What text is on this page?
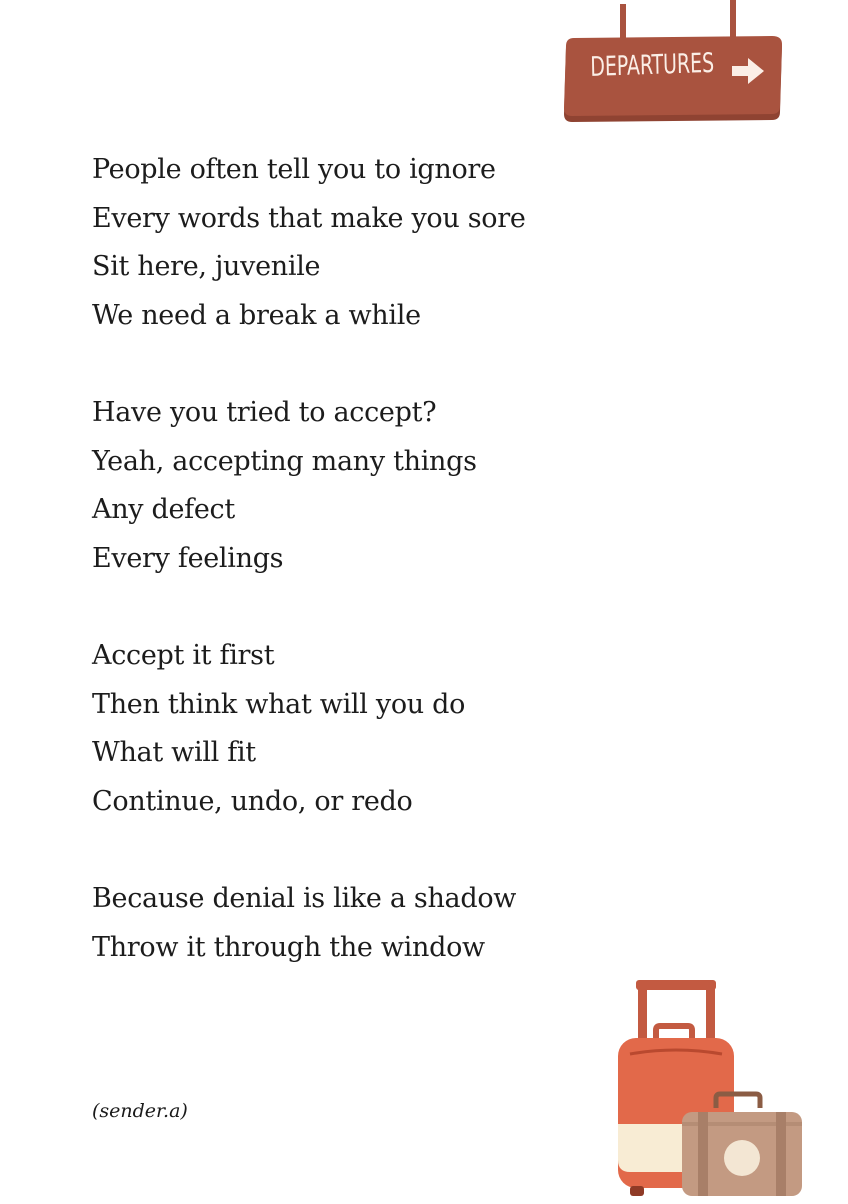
DEPARTURES
People often tell you to ignore
Every words that make you sore
Sit here, juvenile
We need a break a while
Have you tried to accept?
Yeah, accepting many things
Any defect
Every feelings
Accept it first
Then think what will you do
What will fit
Continue, undo, or redo
Because denial is like a shadow
Throw it through the window
(sender.a)
